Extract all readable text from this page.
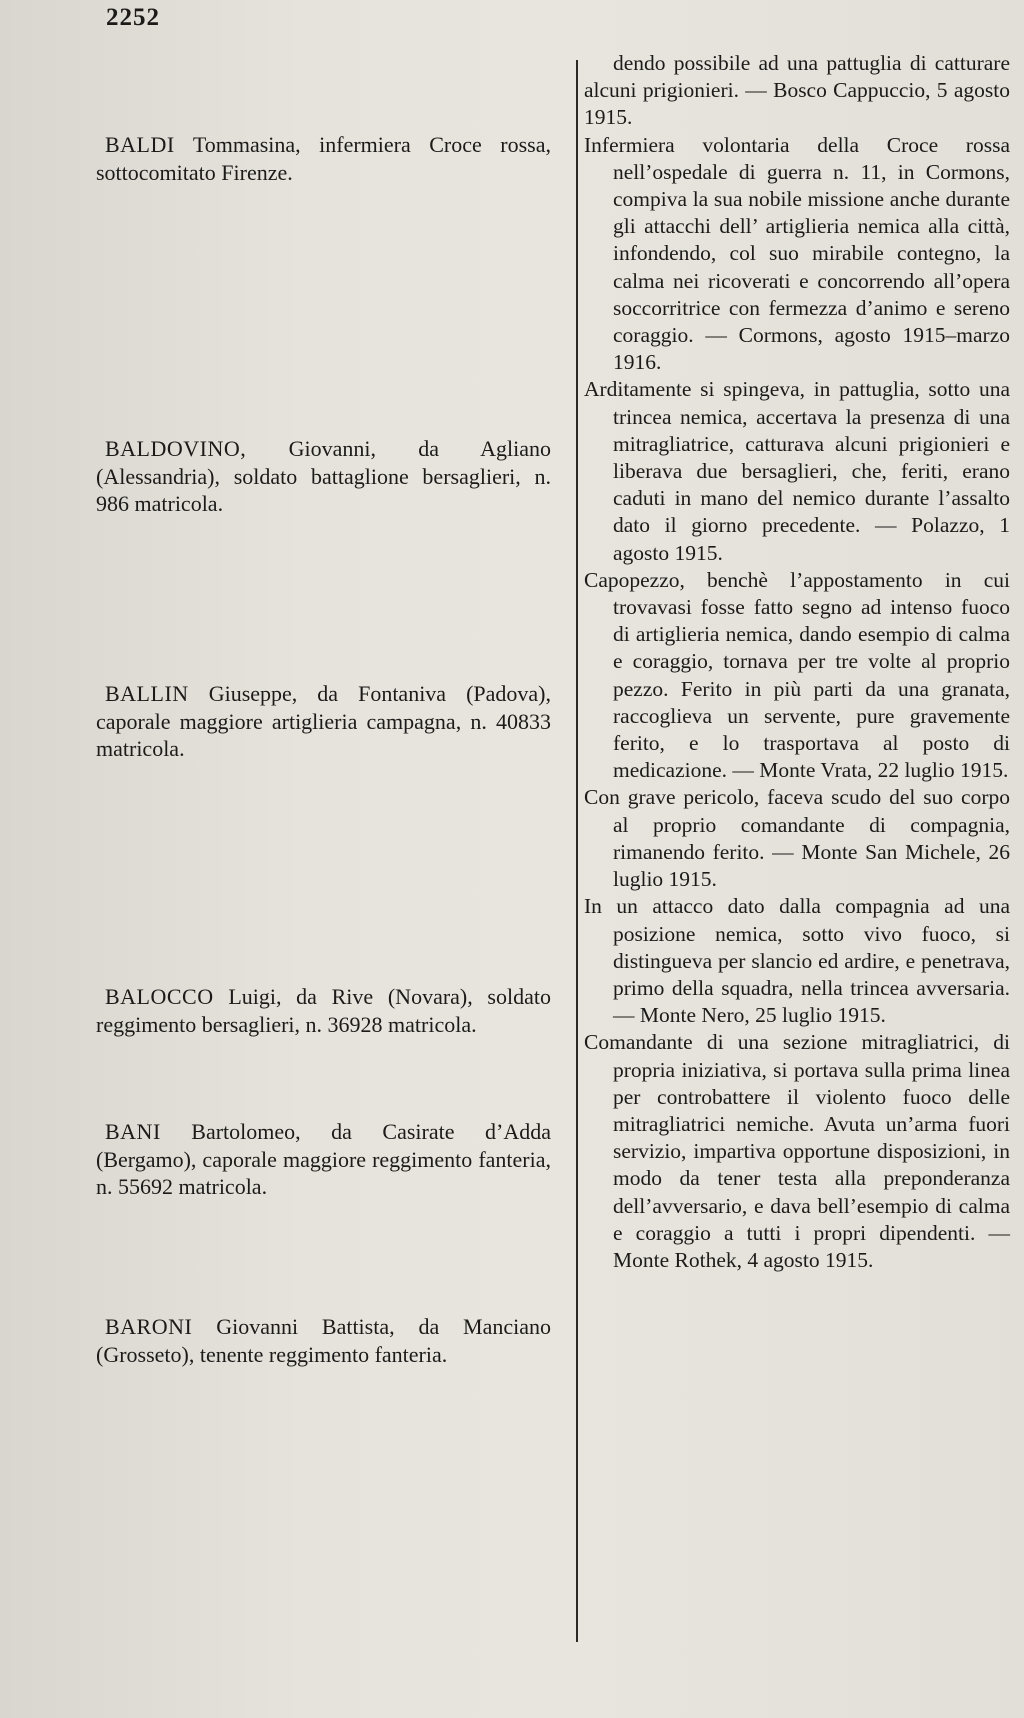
2252
BALDI Tommasina, infermiera Croce rossa, sottocomitato Firenze.
BALDOVINO, Giovanni, da Agliano (Alessandria), soldato battaglione bersaglieri, n. 986 matricola.
BALLIN Giuseppe, da Fontaniva (Padova), caporale maggiore artiglieria campagna, n. 40833 matricola.
BALOCCO Luigi, da Rive (Novara), soldato reggimento bersaglieri, n. 36928 matricola.
BANI Bartolomeo, da Casirate d’Adda (Bergamo), caporale maggiore reggimento fanteria, n. 55692 matricola.
BARONI Giovanni Battista, da Manciano (Grosseto), tenente reggimento fanteria.

dendo possibile ad una pattuglia di catturare alcuni prigionieri. — Bosco Cappuccio, 5 agosto 1915.

Infermiera volontaria della Croce rossa nell’ospedale di guerra n. 11, in Cormons, compiva la sua nobile missione anche durante gli attacchi dell’ artiglieria nemica alla città, infondendo, col suo mirabile contegno, la calma nei ricoverati e concorrendo all’opera soccorritrice con fermezza d’animo e sereno coraggio. — Cormons, agosto 1915–marzo 1916.

Arditamente si spingeva, in pattuglia, sotto una trincea nemica, accertava la presenza di una mitragliatrice, catturava alcuni prigionieri e liberava due bersaglieri, che, feriti, erano caduti in mano del nemico durante l’assalto dato il giorno precedente. — Polazzo, 1 agosto 1915.

Capopezzo, benchè l’appostamento in cui trovavasi fosse fatto segno ad intenso fuoco di artiglieria nemica, dando esempio di calma e coraggio, tornava per tre volte al proprio pezzo. Ferito in più parti da una granata, raccoglieva un servente, pure gravemente ferito, e lo trasportava al posto di medicazione. — Monte Vrata, 22 luglio 1915.

Con grave pericolo, faceva scudo del suo corpo al proprio comandante di compagnia, rimanendo ferito. — Monte San Michele, 26 luglio 1915.

In un attacco dato dalla compagnia ad una posizione nemica, sotto vivo fuoco, si distingueva per slancio ed ardire, e penetrava, primo della squadra, nella trincea avversaria. — Monte Nero, 25 luglio 1915.

Comandante di una sezione mitragliatrici, di propria iniziativa, si portava sulla prima linea per controbattere il violento fuoco delle mitragliatrici nemiche. Avuta un’arma fuori servizio, impartiva opportune disposizioni, in modo da tener testa alla preponderanza dell’avversario, e dava bell’esempio di calma e coraggio a tutti i propri dipendenti. — Monte Rothek, 4 agosto 1915.
